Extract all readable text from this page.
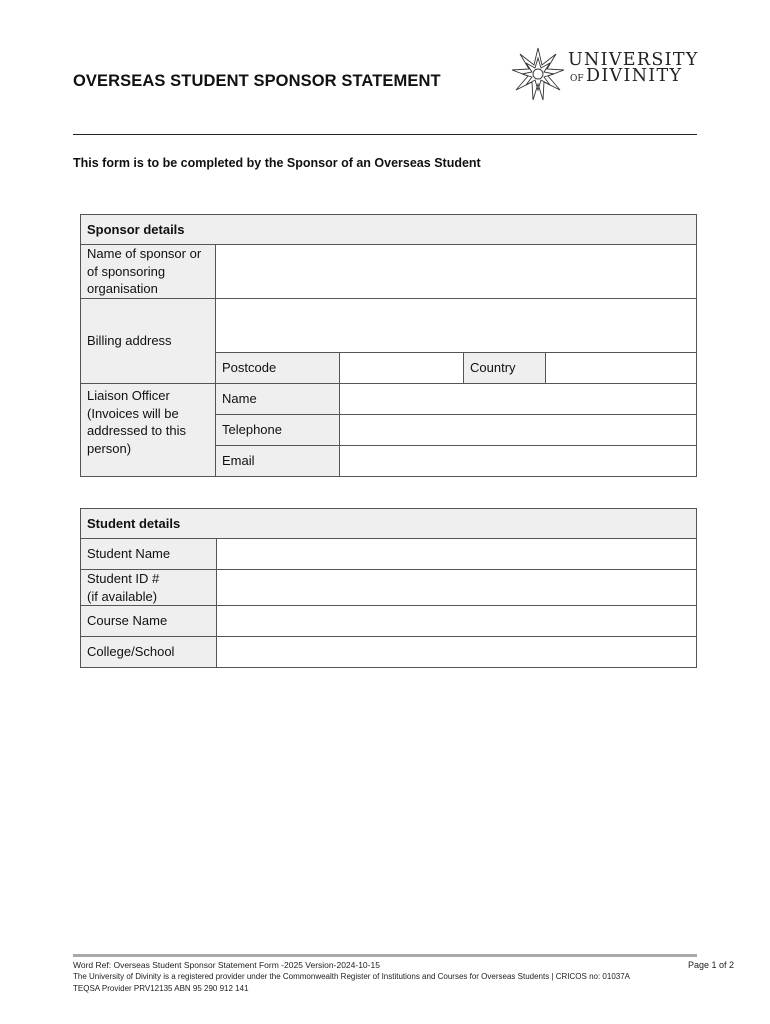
OVERSEAS STUDENT SPONSOR STATEMENT
UNIVERSITY
OF DIVINITY
This form is to be completed by the Sponsor of an Overseas Student
Sponsor details				
Name of sponsor or of sponsoring organisation				
Billing address				
	Postcode		Country	
Liaison Officer (Invoices will be addressed to this person)	Name			
	Telephone			
	Email			
Student details	
Student Name	

Student ID #
(if available)	

Course Name	
College/School	
Word Ref: Overseas Student Sponsor Statement Form -2025 Version-2024-10-15	Page 1 of 2
The University of Divinity is a registered provider under the Commonwealth Register of Institutions and Courses for Overseas Students | CRICOS no: 01037A
TEQSA Provider PRV12135 ABN 95 290 912 141
